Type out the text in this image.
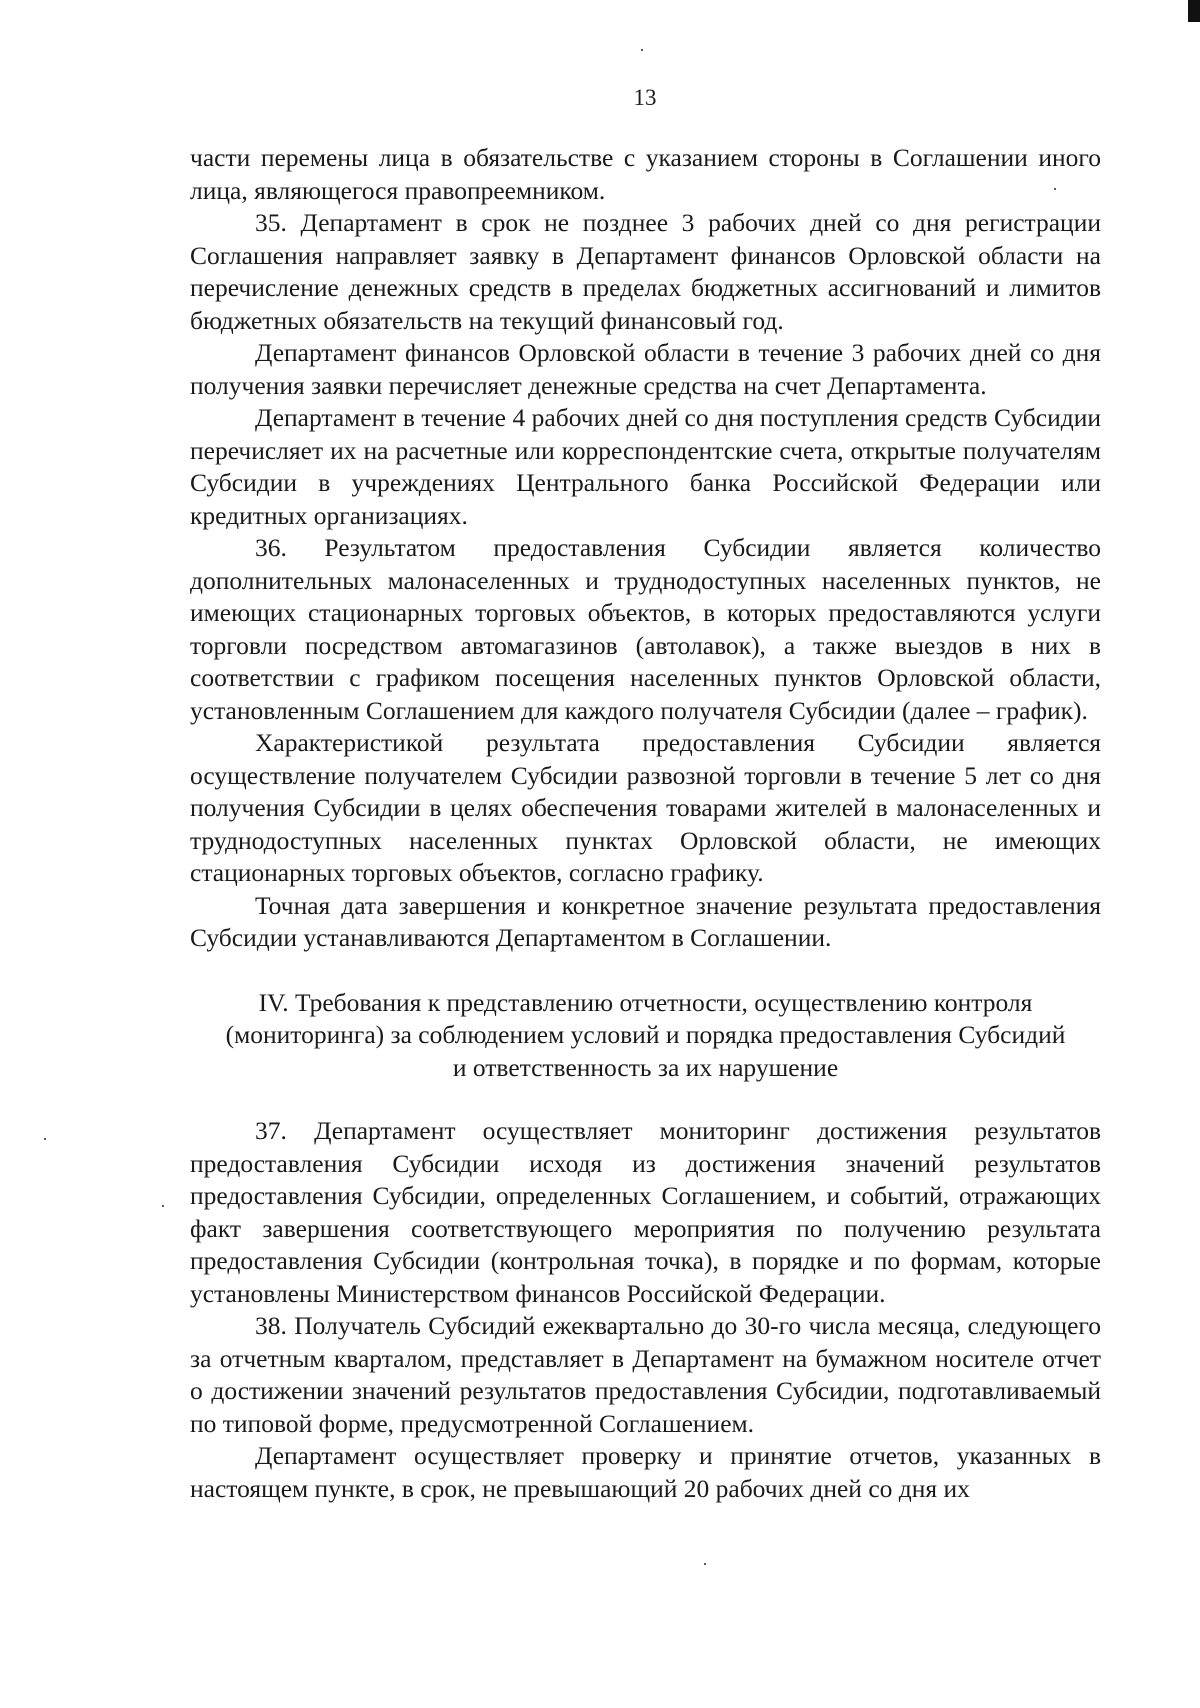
13

части перемены лица в обязательстве с указанием стороны в Соглашении иного лица, являющегося правопреемником.

35. Департамент в срок не позднее 3 рабочих дней со дня регистрации Соглашения направляет заявку в Департамент финансов Орловской области на перечисление денежных средств в пределах бюджетных ассигнований и лимитов бюджетных обязательств на текущий финансовый год.

Департамент финансов Орловской области в течение 3 рабочих дней со дня получения заявки перечисляет денежные средства на счет Департамента.

Департамент в течение 4 рабочих дней со дня поступления средств Субсидии перечисляет их на расчетные или корреспондентские счета, открытые получателям Субсидии в учреждениях Центрального банка Российской Федерации или кредитных организациях.

36. Результатом предоставления Субсидии является количество дополнительных малонаселенных и труднодоступных населенных пунктов, не имеющих стационарных торговых объектов, в которых предоставляются услуги торговли посредством автомагазинов (автолавок), а также выездов в них в соответствии с графиком посещения населенных пунктов Орловской области, установленным Соглашением для каждого получателя Субсидии (далее – график).

Характеристикой результата предоставления Субсидии является осуществление получателем Субсидии развозной торговли в течение 5 лет со дня получения Субсидии в целях обеспечения товарами жителей в малонаселенных и труднодоступных населенных пунктах Орловской области, не имеющих стационарных торговых объектов, согласно графику.

Точная дата завершения и конкретное значение результата предоставления Субсидии устанавливаются Департаментом в Соглашении.

IV. Требования к представлению отчетности, осуществлению контроля
(мониторинга) за соблюдением условий и порядка предоставления Субсидий
и ответственность за их нарушение

37. Департамент осуществляет мониторинг достижения результатов предоставления Субсидии исходя из достижения значений результатов предоставления Субсидии, определенных Соглашением, и событий, отражающих факт завершения соответствующего мероприятия по получению результата предоставления Субсидии (контрольная точка), в порядке и по формам, которые установлены Министерством финансов Российской Федерации.

38. Получатель Субсидий ежеквартально до 30-го числа месяца, следующего за отчетным кварталом, представляет в Департамент на бумажном носителе отчет о достижении значений результатов предоставления Субсидии, подготавливаемый по типовой форме, предусмотренной Соглашением.

Департамент осуществляет проверку и принятие отчетов, указанных в настоящем пункте, в срок, не превышающий 20 рабочих дней со дня их
